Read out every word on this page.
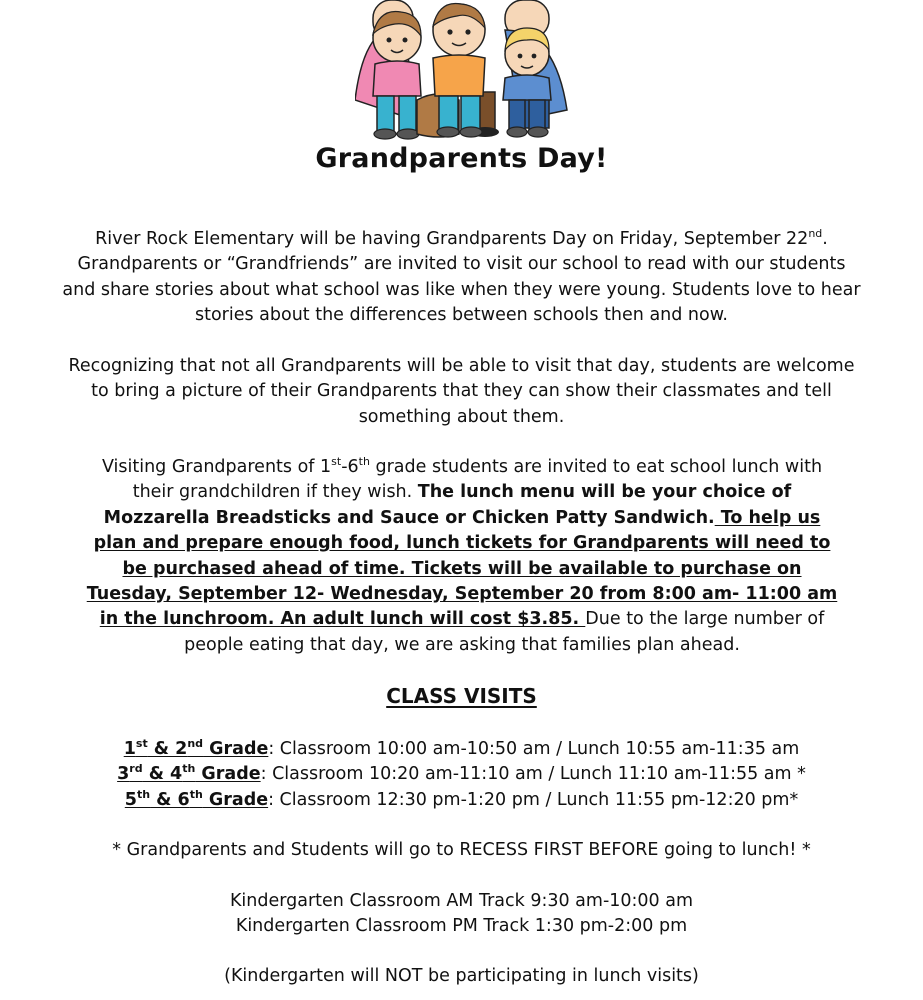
Grandparents Day!

River Rock Elementary will be having Grandparents Day on Friday, September 22nd. Grandparents or “Grandfriends” are invited to visit our school to read with our students and share stories about what school was like when they were young. Students love to hear stories about the differences between schools then and now.

Recognizing that not all Grandparents will be able to visit that day, students are welcome to bring a picture of their Grandparents that they can show their classmates and tell something about them.

Visiting Grandparents of 1st-6th grade students are invited to eat school lunch with their grandchildren if they wish. The lunch menu will be your choice of Mozzarella Breadsticks and Sauce or Chicken Patty Sandwich. To help us plan and prepare enough food, lunch tickets for Grandparents will need to be purchased ahead of time. Tickets will be available to purchase on Tuesday, September 12- Wednesday, September 20 from 8:00 am- 11:00 am in the lunchroom. An adult lunch will cost $3.85. Due to the large number of people eating that day, we are asking that families plan ahead.

CLASS VISITS
1st & 2nd Grade: Classroom 10:00 am-10:50 am / Lunch 10:55 am-11:35 am
3rd & 4th Grade: Classroom 10:20 am-11:10 am / Lunch 11:10 am-11:55 am *
5th & 6th Grade: Classroom 12:30 pm-1:20 pm / Lunch 11:55 pm-12:20 pm*
* Grandparents and Students will go to RECESS FIRST BEFORE going to lunch! *
Kindergarten Classroom AM Track 9:30 am-10:00 am
Kindergarten Classroom PM Track 1:30 pm-2:00 pm
(Kindergarten will NOT be participating in lunch visits)
